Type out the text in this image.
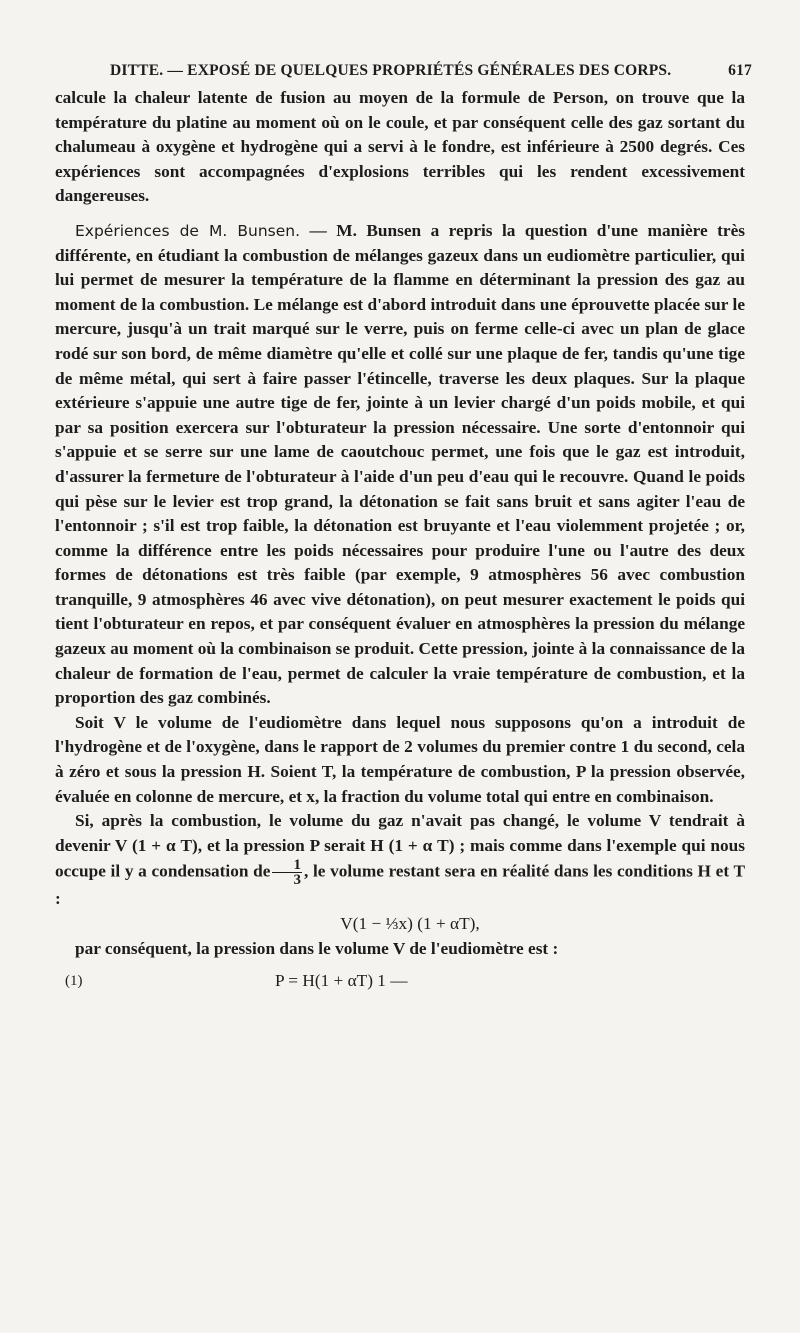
DITTE. — EXPOSÉ DE QUELQUES PROPRIÉTÉS GÉNÉRALES DES CORPS.	617

calcule la chaleur latente de fusion au moyen de la formule de Person, on trouve que la température du platine au moment où on le coule, et par conséquent celle des gaz sortant du chalumeau à oxygène et hydrogène qui a servi à le fondre, est inférieure à 2500 degrés. Ces expériences sont accompagnées d'explosions terribles qui les rendent excessivement dangereuses.

Expériences de M. Bunsen. — M. Bunsen a repris la question d'une manière très différente, en étudiant la combustion de mélanges gazeux dans un eudiomètre particulier, qui lui permet de mesurer la température de la flamme en déterminant la pression des gaz au moment de la combustion. Le mélange est d'abord introduit dans une éprouvette placée sur le mercure, jusqu'à un trait marqué sur le verre, puis on ferme celle-ci avec un plan de glace rodé sur son bord, de même diamètre qu'elle et collé sur une plaque de fer, tandis qu'une tige de même métal, qui sert à faire passer l'étincelle, traverse les deux plaques. Sur la plaque extérieure s'appuie une autre tige de fer, jointe à un levier chargé d'un poids mobile, et qui par sa position exercera sur l'obturateur la pression nécessaire. Une sorte d'entonnoir qui s'appuie et se serre sur une lame de caoutchouc permet, une fois que le gaz est introduit, d'assurer la fermeture de l'obturateur à l'aide d'un peu d'eau qui le recouvre. Quand le poids qui pèse sur le levier est trop grand, la détonation se fait sans bruit et sans agiter l'eau de l'entonnoir ; s'il est trop faible, la détonation est bruyante et l'eau violemment projetée ; or, comme la différence entre les poids nécessaires pour produire l'une ou l'autre des deux formes de détonations est très faible (par exemple, 9 atmosphères 56 avec combustion tranquille, 9 atmosphères 46 avec vive détonation), on peut mesurer exactement le poids qui tient l'obturateur en repos, et par conséquent évaluer en atmosphères la pression du mélange gazeux au moment où la combinaison se produit. Cette pression, jointe à la connaissance de la chaleur de formation de l'eau, permet de calculer la vraie température de combustion, et la proportion des gaz combinés.

Soit V le volume de l'eudiomètre dans lequel nous supposons qu'on a introduit de l'hydrogène et de l'oxygène, dans le rapport de 2 volumes du premier contre 1 du second, cela à zéro et sous la pression H. Soient T, la température de combustion, P la pression observée, évaluée en colonne de mercure, et x, la fraction du volume total qui entre en combinaison.

Si, après la combustion, le volume du gaz n'avait pas changé, le volume V tendrait à devenir V (1 + α T), et la pression P serait H (1 + α T) ; mais comme dans l'exemple qui nous occupe il y a condensation de $\frac{1}{3}$ , le volume restant sera en réalité dans les conditions H et T :

V(1 − ⅓x) (1 + αT),

par conséquent, la pression dans le volume V de l'eudiomètre est :

(1)	P = H(1 + αT) 1 —
